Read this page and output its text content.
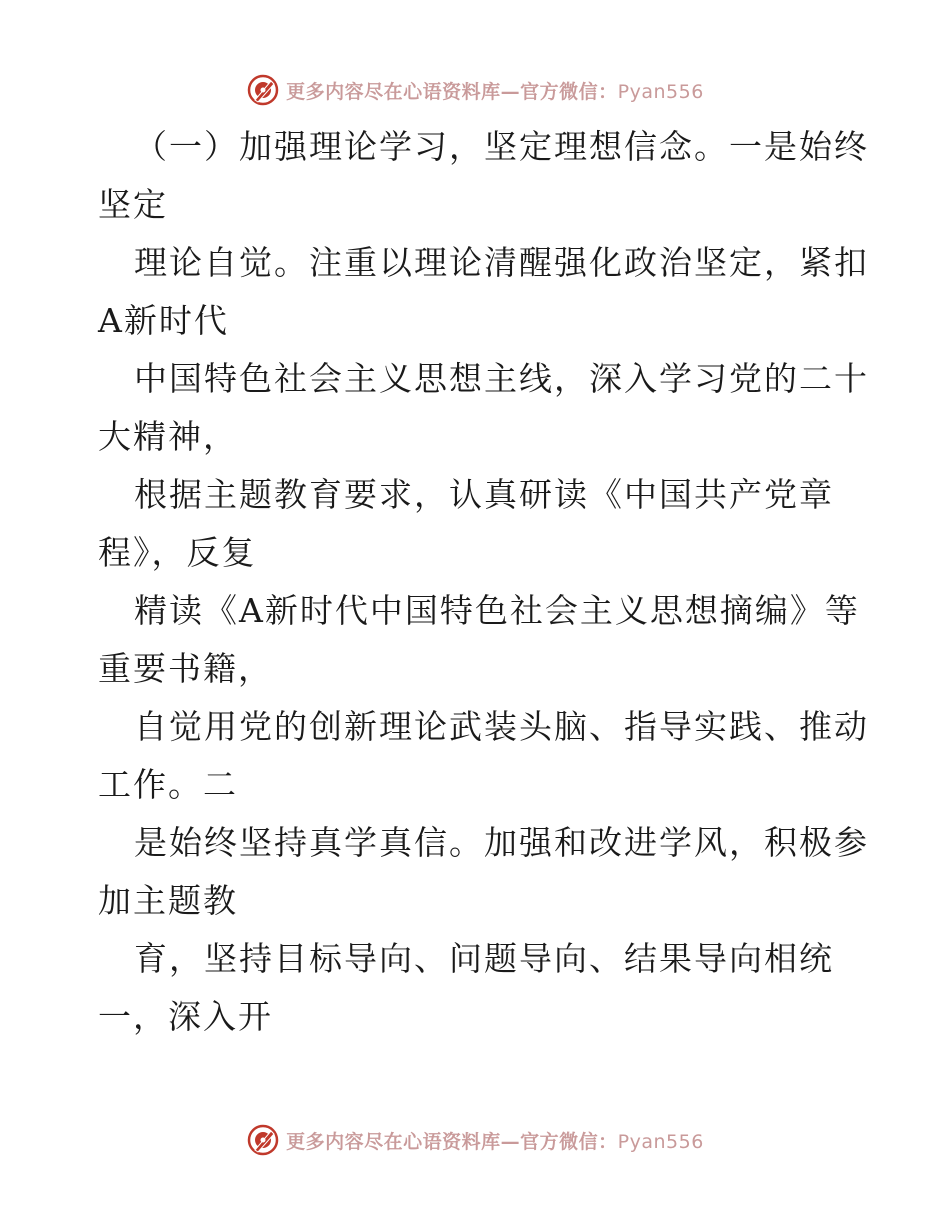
更多内容尽在心语资料库—官方微信：Pyan556
（一）加强理论学习，坚定理想信念。一是始终
坚定
理论自觉。注重以理论清醒强化政治坚定，紧扣
A新时代
中国特色社会主义思想主线，深入学习党的二十
大精神，
根据主题教育要求，认真研读《中国共产党章
程》，反复
精读《A新时代中国特色社会主义思想摘编》等
重要书籍，
自觉用党的创新理论武装头脑、指导实践、推动
工作。二
是始终坚持真学真信。加强和改进学风，积极参
加主题教
育，坚持目标导向、问题导向、结果导向相统
一，深入开
更多内容尽在心语资料库—官方微信：Pyan556
